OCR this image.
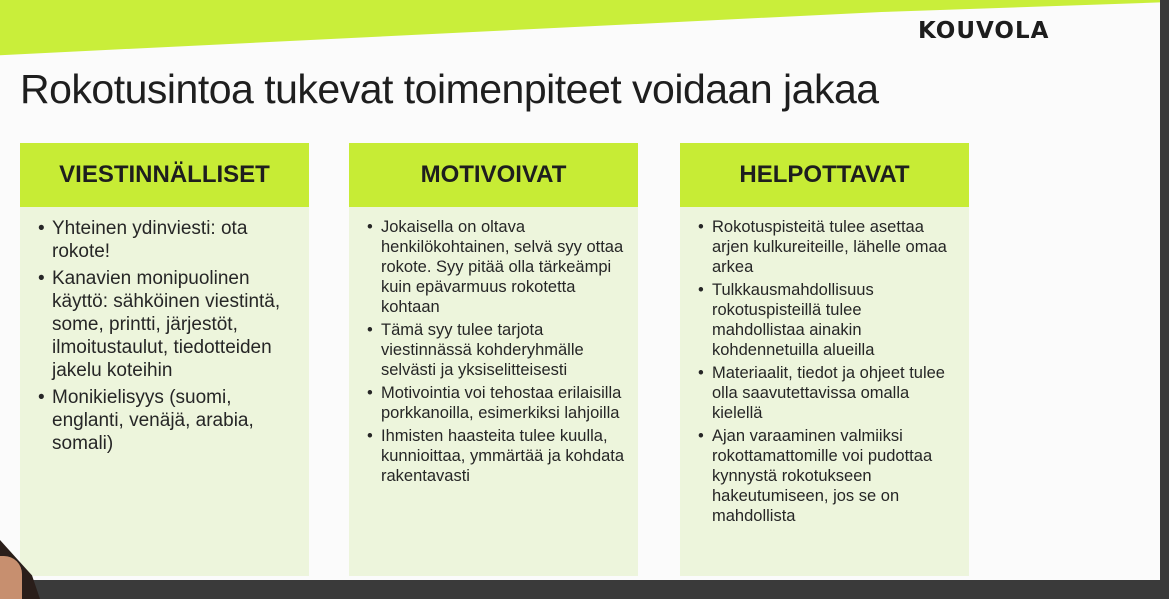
KOUVOLA
Rokotusintoa tukevat toimenpiteet voidaan jakaa
VIESTINNÄLLISET
• Yhteinen ydinviesti: ota rokote!
• Kanavien monipuolinen käyttö: sähköinen viestintä, some, printti, järjestöt, ilmoitustaulut, tiedotteiden jakelu koteihin
• Monikielisyys (suomi, englanti, venäjä, arabia, somali)
MOTIVOIVAT
• Jokaisella on oltava henkilökohtainen, selvä syy ottaa rokote. Syy pitää olla tärkeämpi kuin epävarmuus rokotetta kohtaan
• Tämä syy tulee tarjota viestinnässä kohderyhmälle selvästi ja yksiselitteisesti
• Motivointia voi tehostaa erilaisilla porkkanoilla, esimerkiksi lahjoilla
• Ihmisten haasteita tulee kuulla, kunnioittaa, ymmärtää ja kohdata rakentavasti
HELPOTTAVAT
• Rokotuspisteitä tulee asettaa arjen kulkureiteille, lähelle omaa arkea
• Tulkkausmahdollisuus rokotuspisteillä tulee mahdollistaa ainakin kohdennetuilla alueilla
• Materiaalit, tiedot ja ohjeet tulee olla saavutettavissa omalla kielellä
• Ajan varaaminen valmiiksi rokottamattomille voi pudottaa kynnystä rokotukseen hakeutumiseen, jos se on mahdollista
